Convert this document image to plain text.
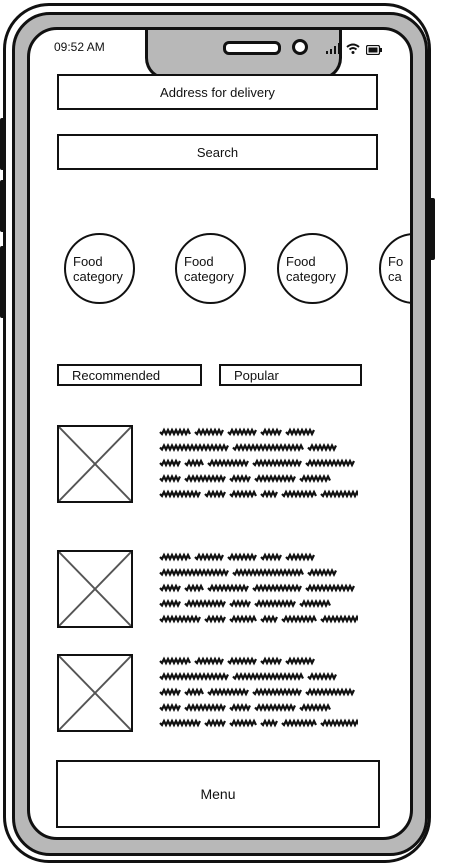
09:52 AM
Address for delivery
Search
Food
category
Food
category
Food
category
Fo
ca
Recommended	Popular
Menu
